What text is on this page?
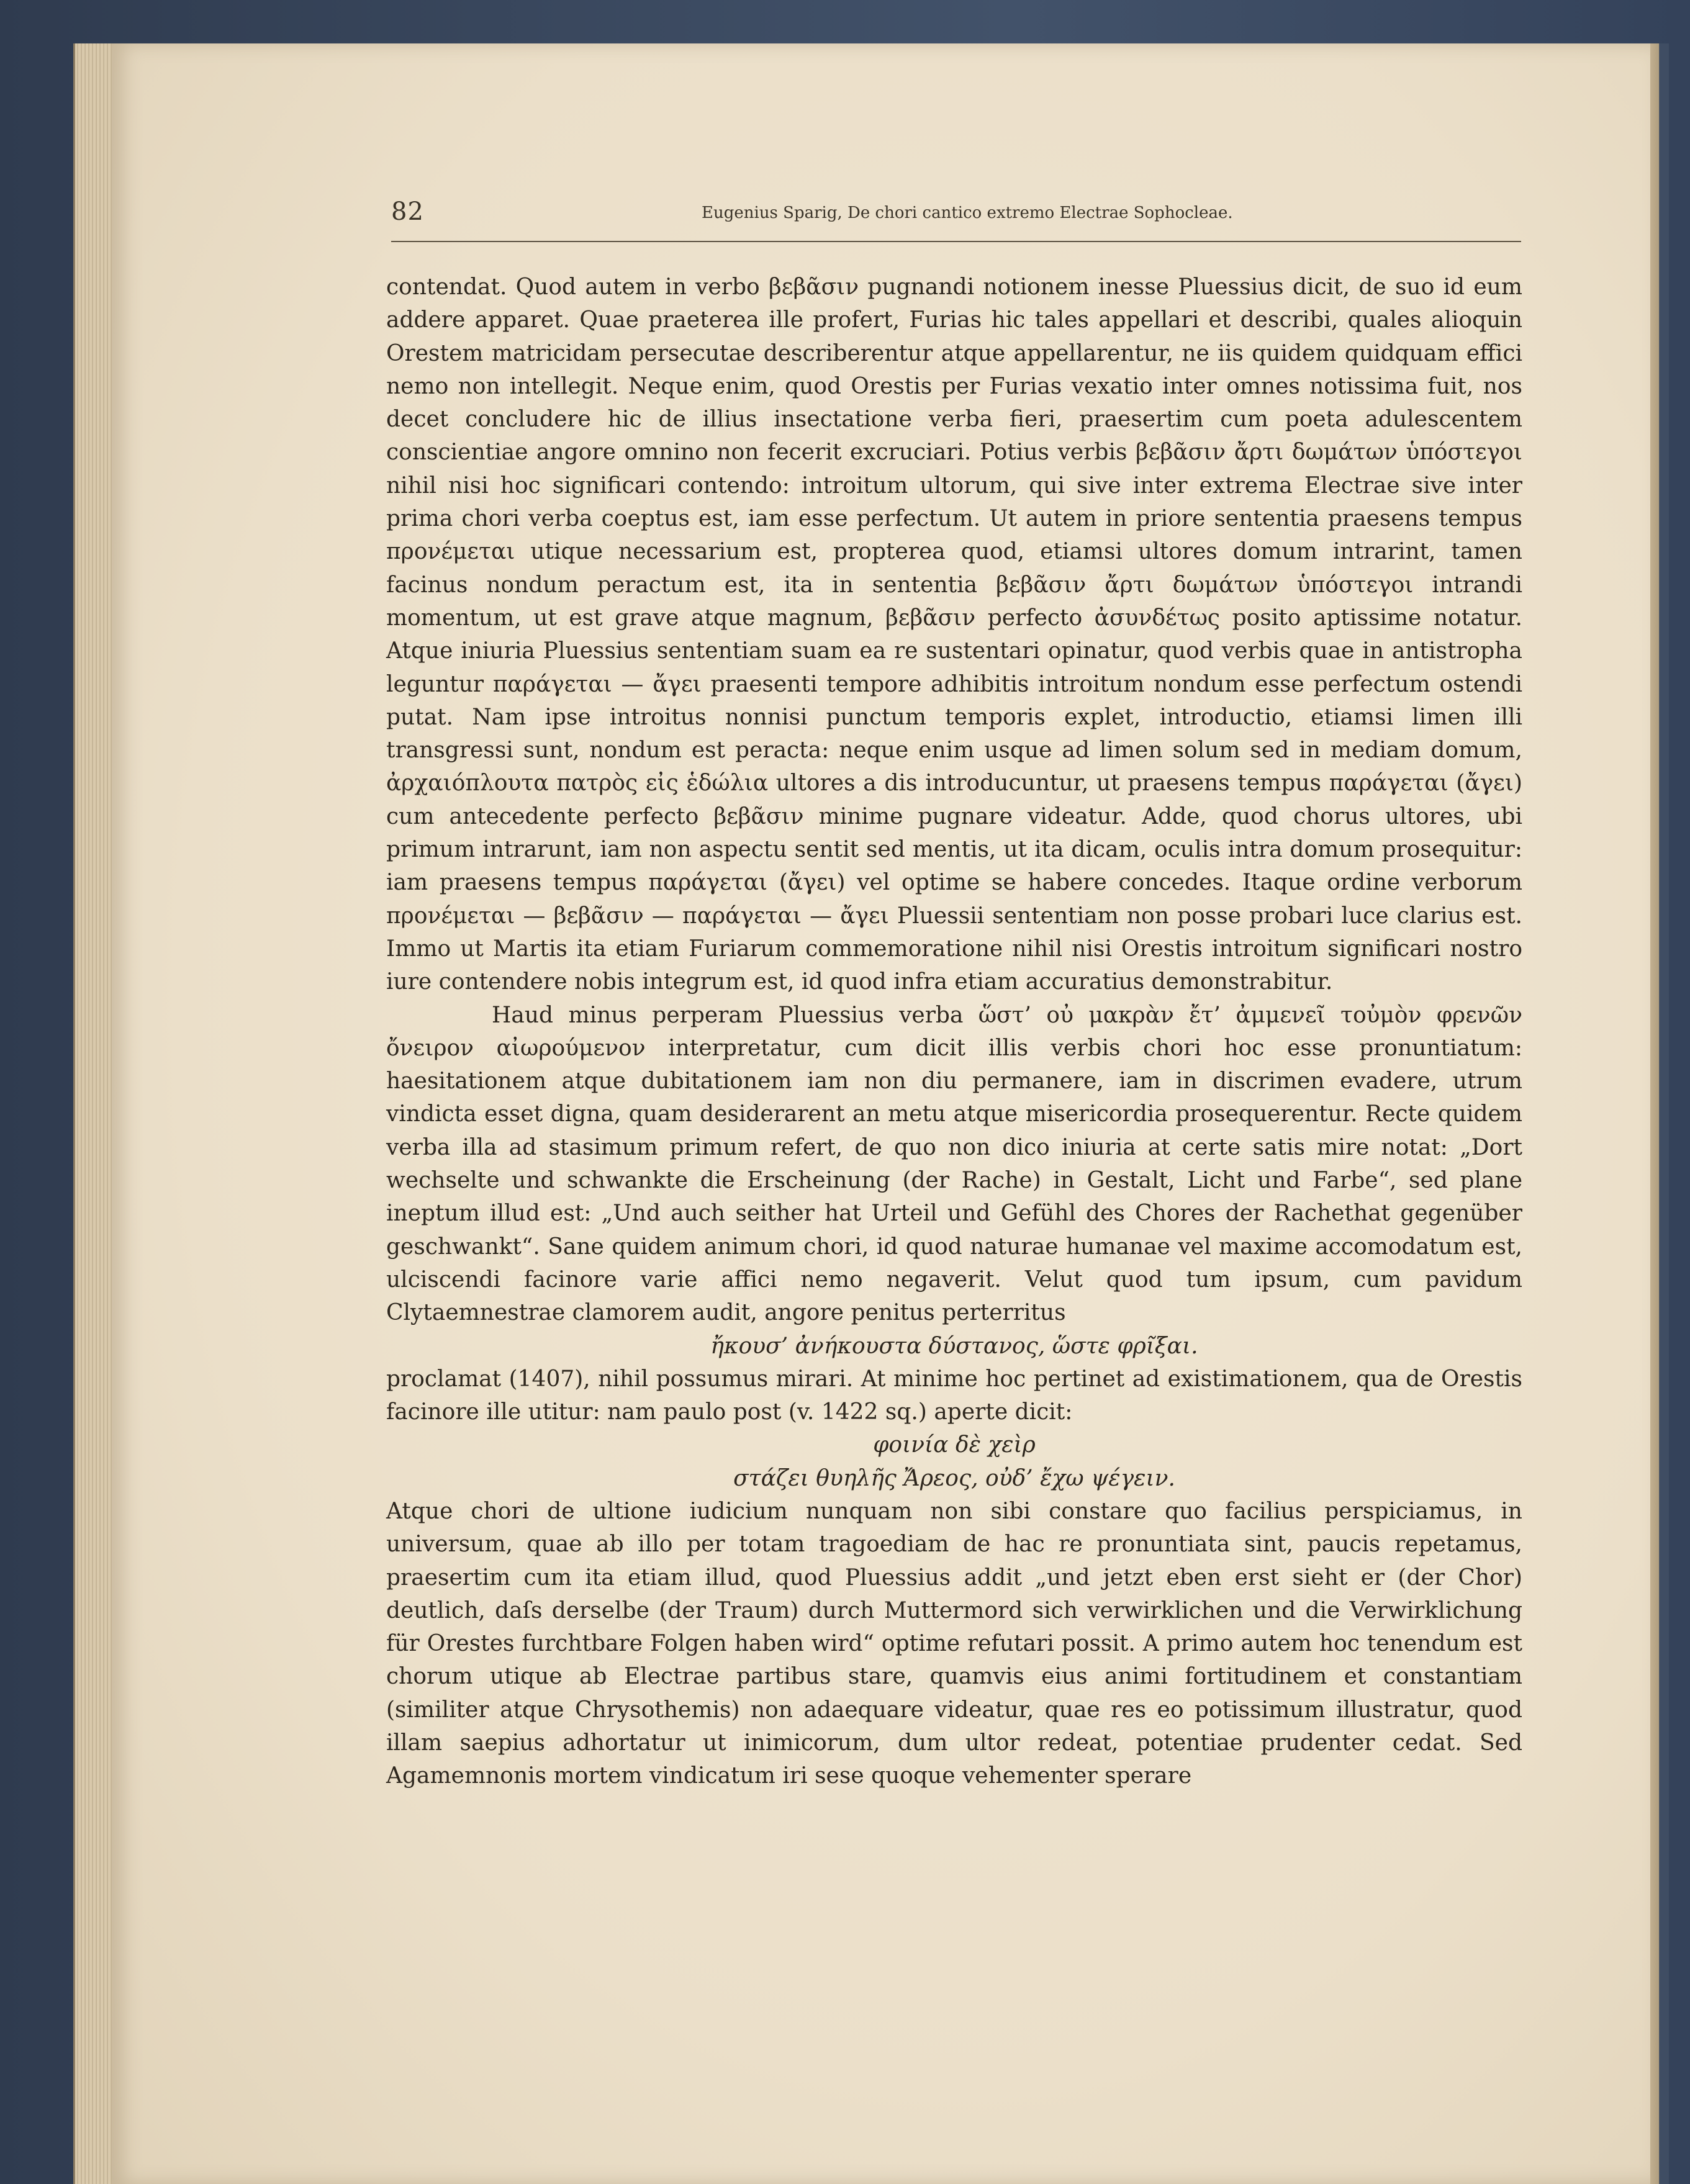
82	Eugenius Sparig, De chori cantico extremo Electrae Sophocleae.

contendat. Quod autem in verbo βεβᾶσιν pugnandi notionem inesse Pluessius dicit, de suo id eum addere apparet. Quae praeterea ille profert, Furias hic tales appellari et describi, quales alioquin Orestem matricidam persecutae describerentur atque appellarentur, ne iis quidem quidquam effici nemo non intellegit. Neque enim, quod Orestis per Furias vexatio inter omnes notissima fuit, nos decet concludere hic de illius insectatione verba fieri, praesertim cum poeta adulescentem conscientiae angore omnino non fecerit excruciari. Potius verbis βεβᾶσιν ἄρτι δωμάτων ὑπόστεγοι nihil nisi hoc significari contendo: introitum ultorum, qui sive inter extrema Electrae sive inter prima chori verba coeptus est, iam esse perfectum. Ut autem in priore sententia praesens tempus προνέμεται utique necessarium est, propterea quod, etiamsi ultores domum intrarint, tamen facinus nondum peractum est, ita in sententia βεβᾶσιν ἄρτι δωμάτων ὑπόστεγοι intrandi momentum, ut est grave atque magnum, βεβᾶσιν perfecto ἀσυνδέτως posito aptissime notatur. Atque iniuria Pluessius sententiam suam ea re sustentari opinatur, quod verbis quae in antistropha leguntur παράγεται — ἄγει praesenti tempore adhibitis introitum nondum esse perfectum ostendi putat. Nam ipse introitus nonnisi punctum temporis explet, introductio, etiamsi limen illi transgressi sunt, nondum est peracta: neque enim usque ad limen solum sed in mediam domum, ἀρχαιόπλουτα πατρὸς εἰς ἑδώλια ultores a dis introducuntur, ut praesens tempus παράγεται (ἄγει) cum antecedente perfecto βεβᾶσιν minime pugnare videatur. Adde, quod chorus ultores, ubi primum intrarunt, iam non aspectu sentit sed mentis, ut ita dicam, oculis intra domum prosequitur: iam praesens tempus παράγεται (ἄγει) vel optime se habere concedes. Itaque ordine verborum προνέμεται — βεβᾶσιν — παράγεται — ἄγει Pluessii sententiam non posse probari luce clarius est. Immo ut Martis ita etiam Furiarum commemoratione nihil nisi Orestis introitum significari nostro iure contendere nobis integrum est, id quod infra etiam accuratius demonstrabitur.

Haud minus perperam Pluessius verba ὥστ’ οὐ μακρὰν ἔτ’ ἀμμενεῖ τοὐμὸν φρενῶν ὄνειρον αἰωρούμενον interpretatur, cum dicit illis verbis chori hoc esse pronuntiatum: haesitationem atque dubitationem iam non diu permanere, iam in discrimen evadere, utrum vindicta esset digna, quam desiderarent an metu atque misericordia prosequerentur. Recte quidem verba illa ad stasimum primum refert, de quo non dico iniuria at certe satis mire notat: „Dort wechselte und schwankte die Erscheinung (der Rache) in Gestalt, Licht und Farbe“, sed plane ineptum illud est: „Und auch seither hat Urteil und Gefühl des Chores der Rachethat gegenüber geschwankt“. Sane quidem animum chori, id quod naturae humanae vel maxime accomodatum est, ulciscendi facinore varie affici nemo negaverit. Velut quod tum ipsum, cum pavidum Clytaemnestrae clamorem audit, angore penitus perterritus

ἤκουσ’ ἀνήκουστα δύστανος, ὥστε φρῖξαι.

proclamat (1407), nihil possumus mirari. At minime hoc pertinet ad existimationem, qua de Orestis facinore ille utitur: nam paulo post (v. 1422 sq.) aperte dicit:

φοινία δὲ χεὶρ

στάζει θυηλῆς Ἄρεος, οὐδ’ ἔχω ψέγειν.

Atque chori de ultione iudicium nunquam non sibi constare quo facilius perspiciamus, in universum, quae ab illo per totam tragoediam de hac re pronuntiata sint, paucis repetamus, praesertim cum ita etiam illud, quod Pluessius addit „und jetzt eben erst sieht er (der Chor) deutlich, daſs derselbe (der Traum) durch Muttermord sich verwirklichen und die Verwirklichung für Orestes furchtbare Folgen haben wird“ optime refutari possit. A primo autem hoc tenendum est chorum utique ab Electrae partibus stare, quamvis eius animi fortitudinem et constantiam (similiter atque Chrysothemis) non adaequare videatur, quae res eo potissimum illustratur, quod illam saepius adhortatur ut inimicorum, dum ultor redeat, potentiae prudenter cedat. Sed Agamemnonis mortem vindicatum iri sese quoque vehementer sperare
